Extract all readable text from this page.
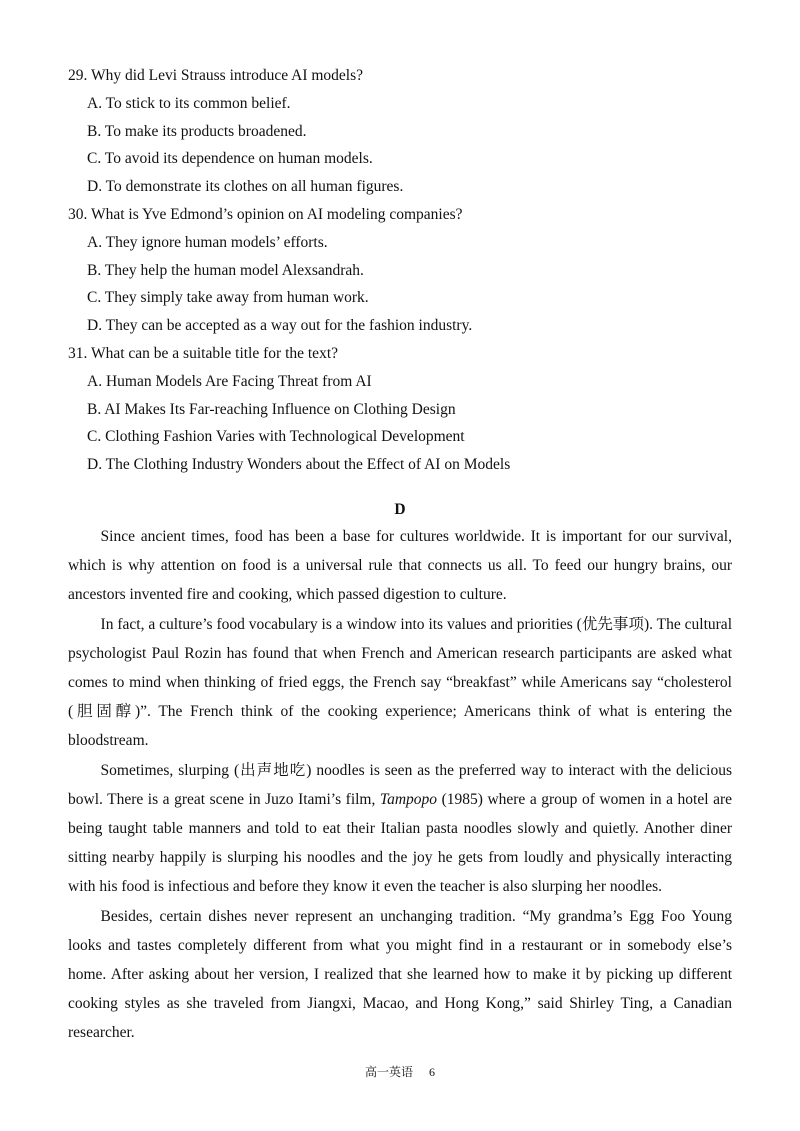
29. Why did Levi Strauss introduce AI models?
A. To stick to its common belief.
B. To make its products broadened.
C. To avoid its dependence on human models.
D. To demonstrate its clothes on all human figures.
30. What is Yve Edmond’s opinion on AI modeling companies?
A. They ignore human models’ efforts.
B. They help the human model Alexsandrah.
C. They simply take away from human work.
D. They can be accepted as a way out for the fashion industry.
31. What can be a suitable title for the text?
A. Human Models Are Facing Threat from AI
B. AI Makes Its Far-reaching Influence on Clothing Design
C. Clothing Fashion Varies with Technological Development
D. The Clothing Industry Wonders about the Effect of AI on Models
D

Since ancient times, food has been a base for cultures worldwide. It is important for our survival, which is why attention on food is a universal rule that connects us all. To feed our hungry brains, our ancestors invented fire and cooking, which passed digestion to culture.

In fact, a culture’s food vocabulary is a window into its values and priorities (优先事项). The cultural psychologist Paul Rozin has found that when French and American research participants are asked what comes to mind when thinking of fried eggs, the French say “breakfast” while Americans say “cholesterol (胆固醇)”. The French think of the cooking experience; Americans think of what is entering the bloodstream.

Sometimes, slurping (出声地吃) noodles is seen as the preferred way to interact with the delicious bowl. There is a great scene in Juzo Itami’s film, Tampopo (1985) where a group of women in a hotel are being taught table manners and told to eat their Italian pasta noodles slowly and quietly. Another diner sitting nearby happily is slurping his noodles and the joy he gets from loudly and physically interacting with his food is infectious and before they know it even the teacher is also slurping her noodles.

Besides, certain dishes never represent an unchanging tradition. “My grandma’s Egg Foo Young looks and tastes completely different from what you might find in a restaurant or in somebody else’s home. After asking about her version, I realized that she learned how to make it by picking up different cooking styles as she traveled from Jiangxi, Macao, and Hong Kong,” said Shirley Ting, a Canadian researcher.

高一英语 6
